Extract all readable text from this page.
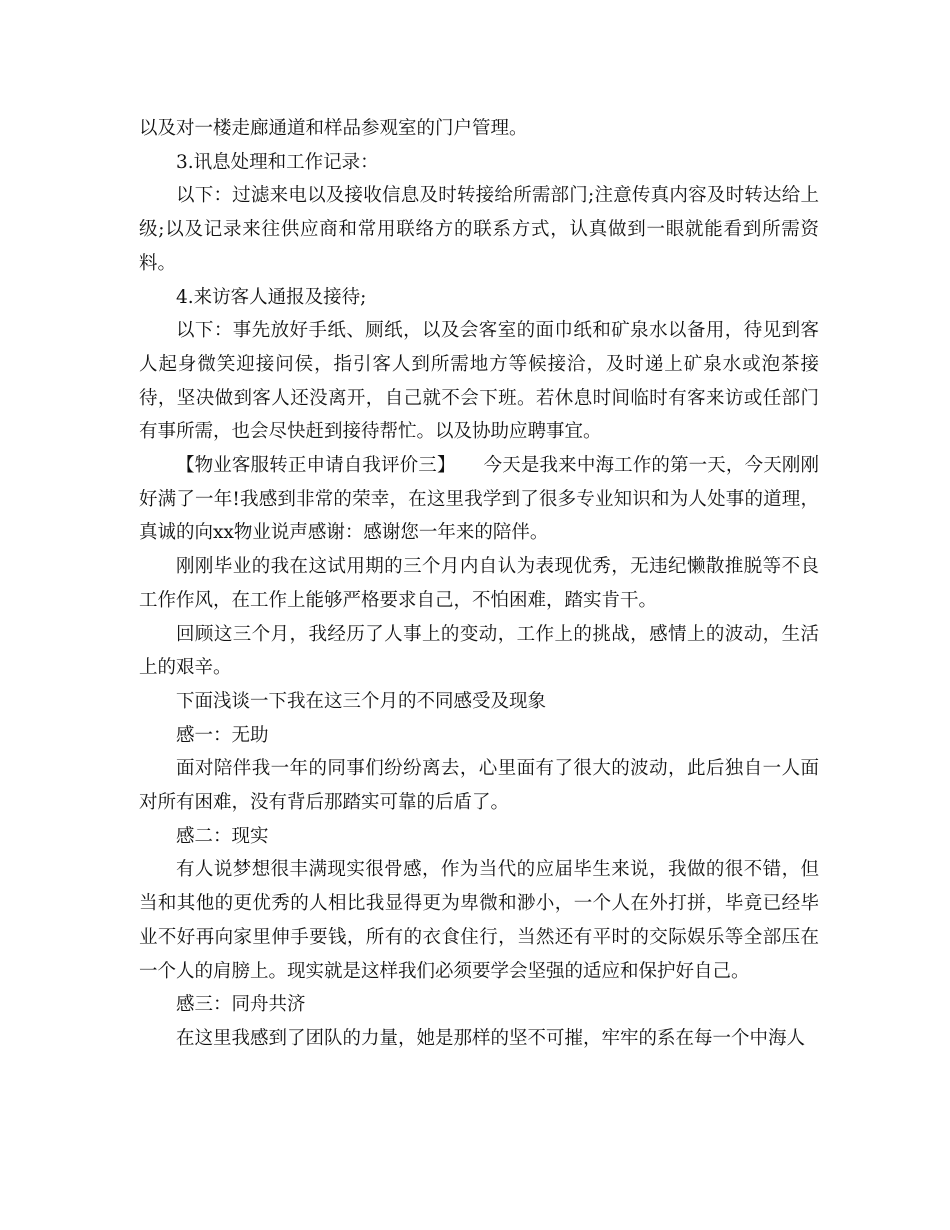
以及对一楼走廊通道和样品参观室的门户管理。

3.讯息处理和工作记录：

以下：过滤来电以及接收信息及时转接给所需部门;注意传真内容及时转达给上级;以及记录来往供应商和常用联络方的联系方式，认真做到一眼就能看到所需资料。

4.来访客人通报及接待;

以下：事先放好手纸、厕纸，以及会客室的面巾纸和矿泉水以备用，待见到客人起身微笑迎接问侯，指引客人到所需地方等候接洽，及时递上矿泉水或泡茶接待，坚决做到客人还没离开，自己就不会下班。若休息时间临时有客来访或任部门有事所需，也会尽快赶到接待帮忙。以及协助应聘事宜。

【物业客服转正申请自我评价三】　　今天是我来中海工作的第一天，今天刚刚好满了一年!我感到非常的荣幸，在这里我学到了很多专业知识和为人处事的道理，真诚的向xx物业说声感谢：感谢您一年来的陪伴。

刚刚毕业的我在这试用期的三个月内自认为表现优秀，无违纪懒散推脱等不良工作作风，在工作上能够严格要求自己，不怕困难，踏实肯干。

回顾这三个月，我经历了人事上的变动，工作上的挑战，感情上的波动，生活上的艰辛。

下面浅谈一下我在这三个月的不同感受及现象

感一：无助

面对陪伴我一年的同事们纷纷离去，心里面有了很大的波动，此后独自一人面对所有困难，没有背后那踏实可靠的后盾了。

感二：现实

有人说梦想很丰满现实很骨感，作为当代的应届毕生来说，我做的很不错，但当和其他的更优秀的人相比我显得更为卑微和渺小，一个人在外打拼，毕竟已经毕业不好再向家里伸手要钱，所有的衣食住行，当然还有平时的交际娱乐等全部压在一个人的肩膀上。现实就是这样我们必须要学会坚强的适应和保护好自己。

感三：同舟共济

在这里我感到了团队的力量，她是那样的坚不可摧，牢牢的系在每一个中海人
